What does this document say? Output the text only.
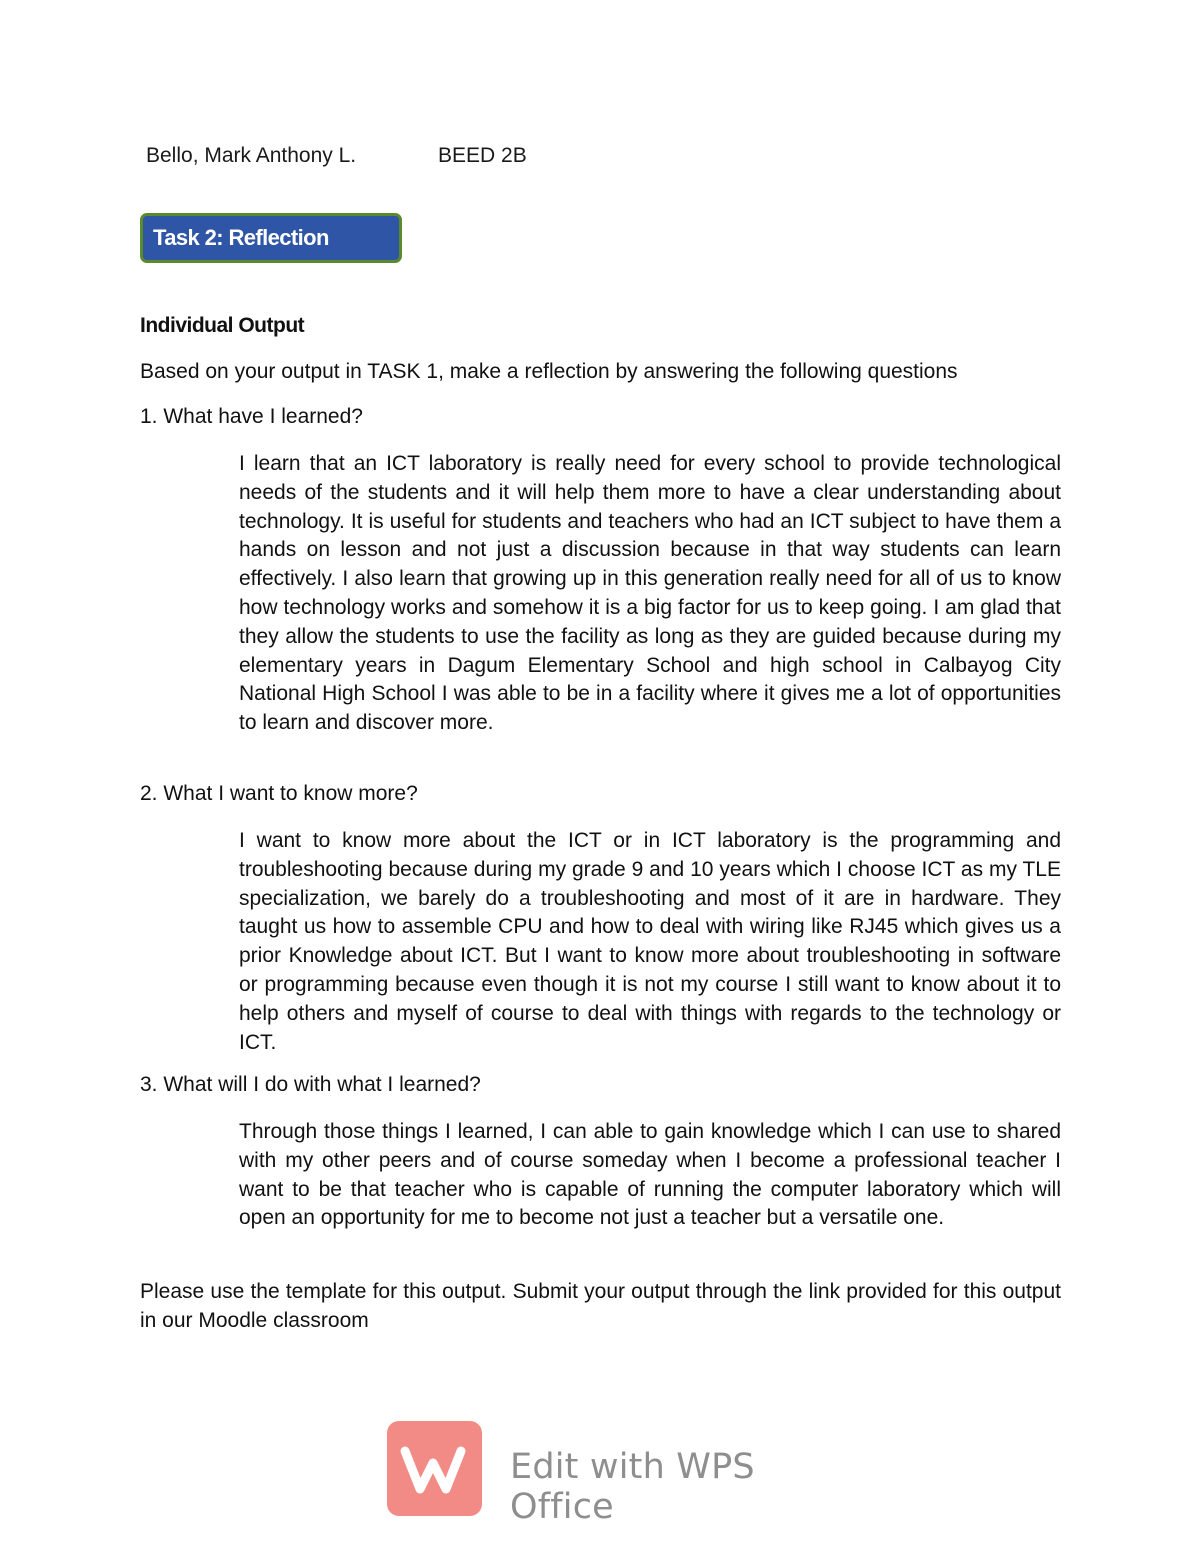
Bello, Mark Anthony L.	BEED 2B
Task 2: Reflection
Individual Output
Based on your output in TASK 1, make a reflection by answering the following questions
1. What have I learned?
I learn that an ICT laboratory is really need for every school to provide technological needs of the students and it will help them more to have a clear understanding about technology. It is useful for students and teachers who had an ICT subject to have them a hands on lesson and not just a discussion because in that way students can learn effectively. I also learn that growing up in this generation really need for all of us to know how technology works and somehow it is a big factor for us to keep going. I am glad that they allow the students to use the facility as long as they are guided because during my elementary years in Dagum Elementary School and high school in Calbayog City National High School I was able to be in a facility where it gives me a lot of opportunities to learn and discover more.
2. What I want to know more?
I want to know more about the ICT or in ICT laboratory is the programming and troubleshooting because during my grade 9 and 10 years which I choose ICT as my TLE specialization, we barely do a troubleshooting and most of it are in hardware. They taught us how to assemble CPU and how to deal with wiring like RJ45 which gives us a prior Knowledge about ICT. But I want to know more about troubleshooting in software or programming because even though it is not my course I still want to know about it to help others and myself of course to deal with things with regards to the technology or ICT.
3. What will I do with what I learned?
Through those things I learned, I can able to gain knowledge which I can use to shared with my other peers and of course someday when I become a professional teacher I want to be that teacher who is capable of running the computer laboratory which will open an opportunity for me to become not just a teacher but a versatile one.
Please use the template for this output. Submit your output through the link provided for this output in our Moodle classroom
Edit with WPS Office
